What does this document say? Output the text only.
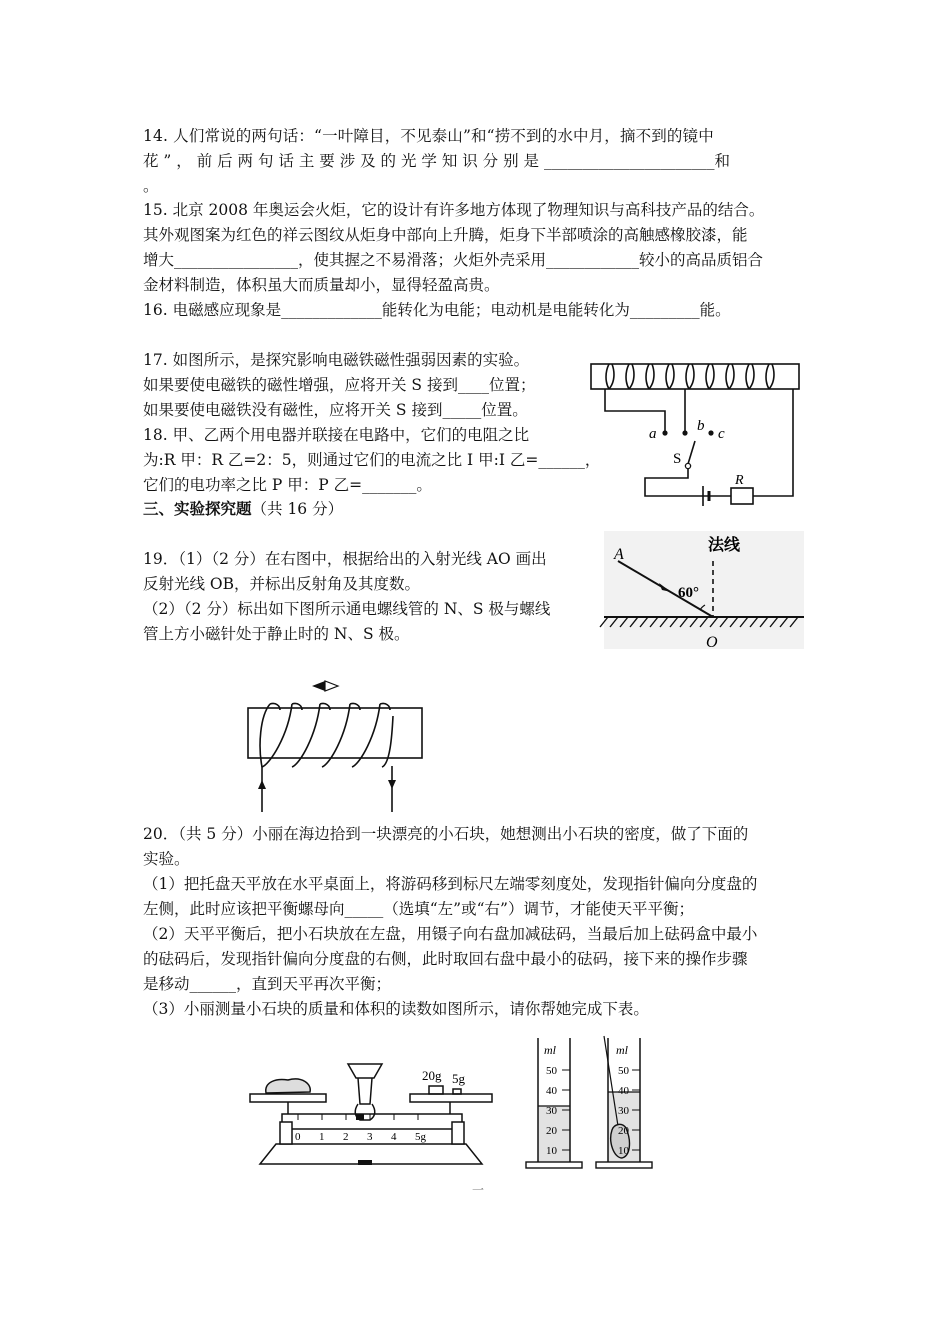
14. 人们常说的两句话：“一叶障目，不见泰山”和“捞不到的水中月，摘不到的镜中

花 ” ， 前 后 两 句 话 主 要 涉 及 的 光 学 知 识 分 别 是 ______________________和

。

15. 北京 2008 年奥运会火炬，它的设计有许多地方体现了物理知识与高科技产品的结合。

其外观图案为红色的祥云图纹从炬身中部向上升腾，炬身下半部喷涂的高触感橡胶漆，能

增大________________，使其握之不易滑落；火炬外壳采用____________较小的高品质铝合

金材料制造，体积虽大而质量却小，显得轻盈高贵。

16. 电磁感应现象是_____________能转化为电能；电动机是电能转化为_________能。

17. 如图所示，是探究影响电磁铁磁性强弱因素的实验。

如果要使电磁铁的磁性增强，应将开关 S 接到____位置；

如果要使电磁铁没有磁性，应将开关 S 接到_____位置。

18. 甲、乙两个用电器并联接在电路中，它们的电阻之比

为:R 甲：R 乙=2：5，则通过它们的电流之比 I 甲:I 乙=______，

它们的电功率之比 P 甲：P 乙=_______。

三、实验探究题（共 16 分）

19．（1）（2 分）在右图中，根据给出的入射光线 AO 画出

反射光线 OB，并标出反射角及其度数。

（2）（2 分）标出如下图所示通电螺线管的 N、S 极与螺线

管上方小磁针处于静止时的 N、S 极。

20．（共 5 分）小丽在海边拾到一块漂亮的小石块，她想测出小石块的密度，做了下面的

实验。

（1）把托盘天平放在水平桌面上，将游码移到标尺左端零刻度处，发现指针偏向分度盘的

左侧，此时应该把平衡螺母向_____（选填“左”或“右”）调节，才能使天平平衡；

（2）天平平衡后，把小石块放在左盘，用镊子向右盘加减砝码，当最后加上砝码盒中最小

的砝码后，发现指针偏向分度盘的右侧，此时取回右盘中最小的砝码，接下来的操作步骤

是移动______，直到天平再次平衡；

（3）小丽测量小石块的质量和体积的读数如图所示，请你帮她完成下表。

a	b c
S
R
法线
A
60°
O
20g 5g
0 1 2 3 4 5g
ml
50
40
30
20
10
ml
50
40
30
20
10

一
